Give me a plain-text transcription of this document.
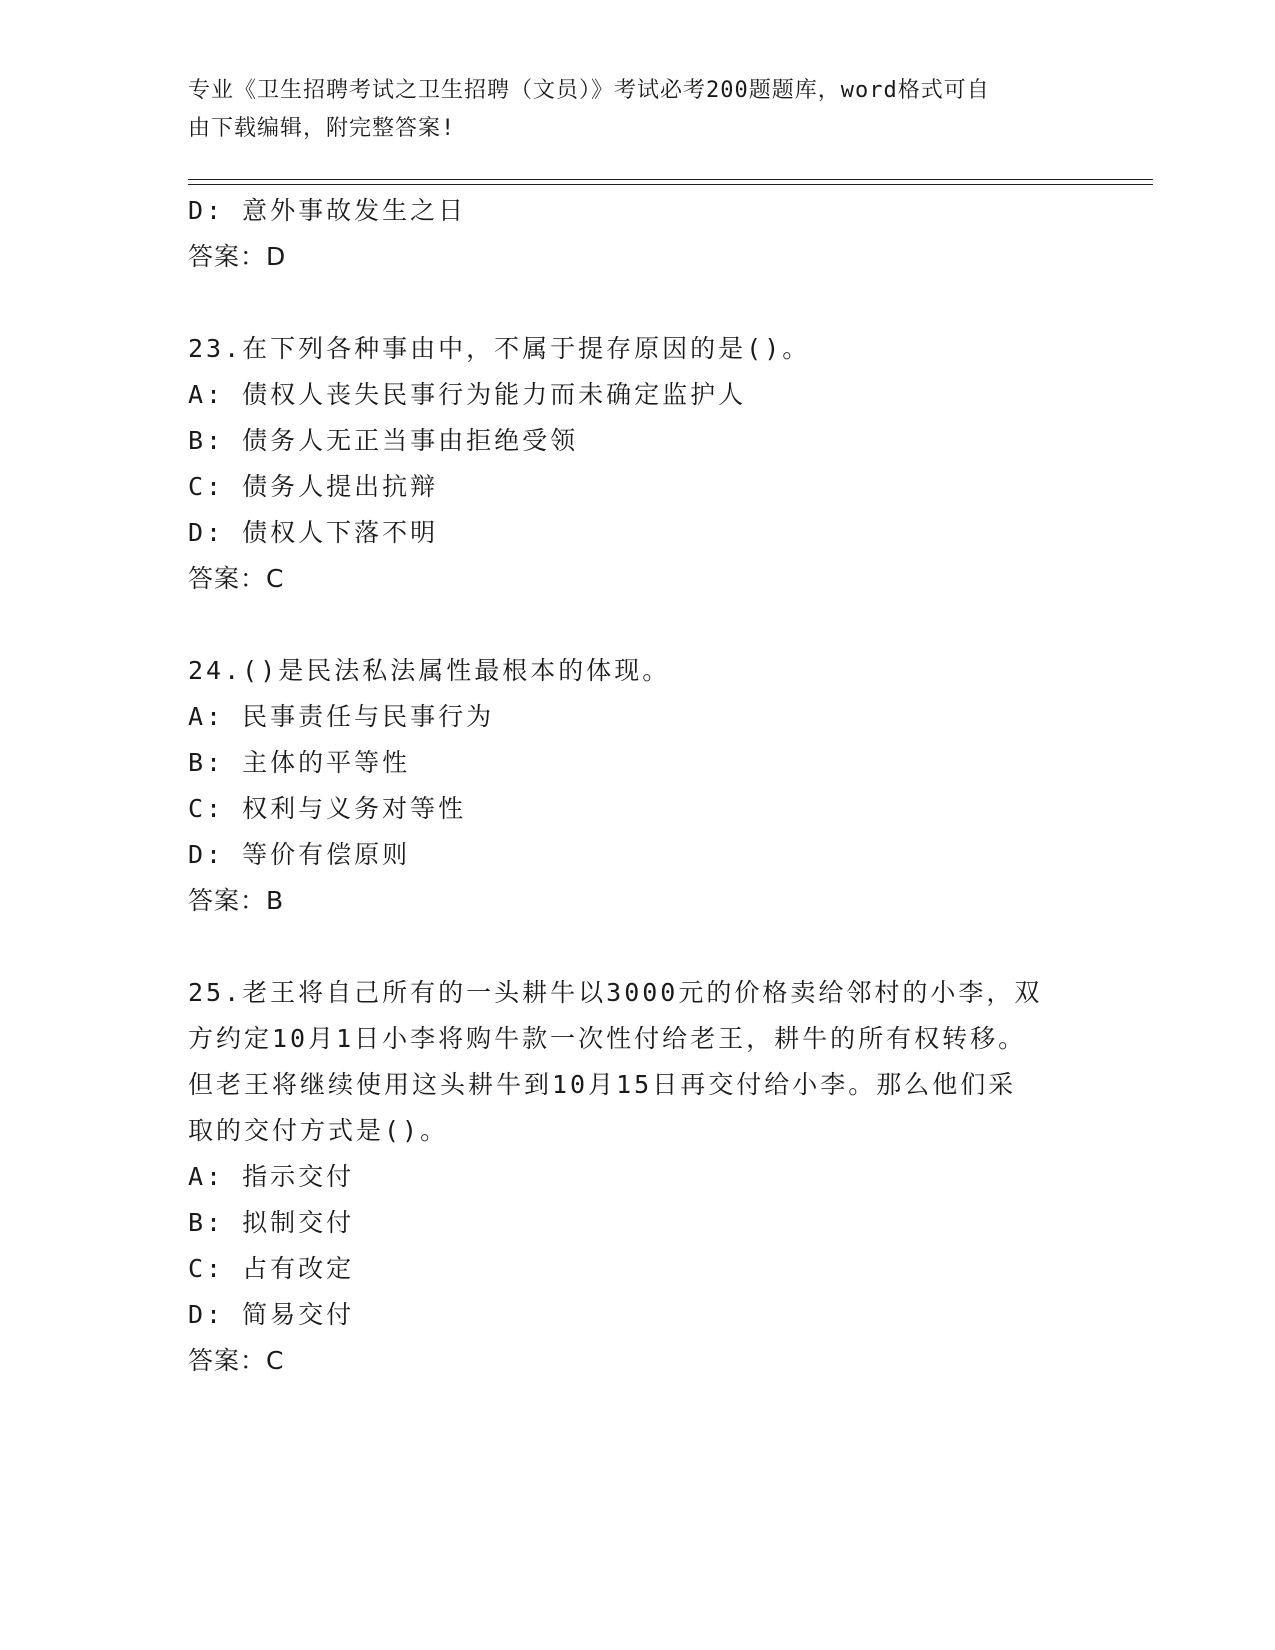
专业《卫生招聘考试之卫生招聘（文员）》考试必考200题题库，word格式可自
由下载编辑，附完整答案!
D: 意外事故发生之日
答案：D
23.在下列各种事由中，不属于提存原因的是()。
A: 债权人丧失民事行为能力而未确定监护人
B: 债务人无正当事由拒绝受领
C: 债务人提出抗辩
D: 债权人下落不明
答案：C
24.()是民法私法属性最根本的体现。
A: 民事责任与民事行为
B: 主体的平等性
C: 权利与义务对等性
D: 等价有偿原则
答案：B
25.老王将自己所有的一头耕牛以3000元的价格卖给邻村的小李，双
方约定10月1日小李将购牛款一次性付给老王，耕牛的所有权转移。
但老王将继续使用这头耕牛到10月15日再交付给小李。那么他们采
取的交付方式是()。
A: 指示交付
B: 拟制交付
C: 占有改定
D: 简易交付
答案：C
